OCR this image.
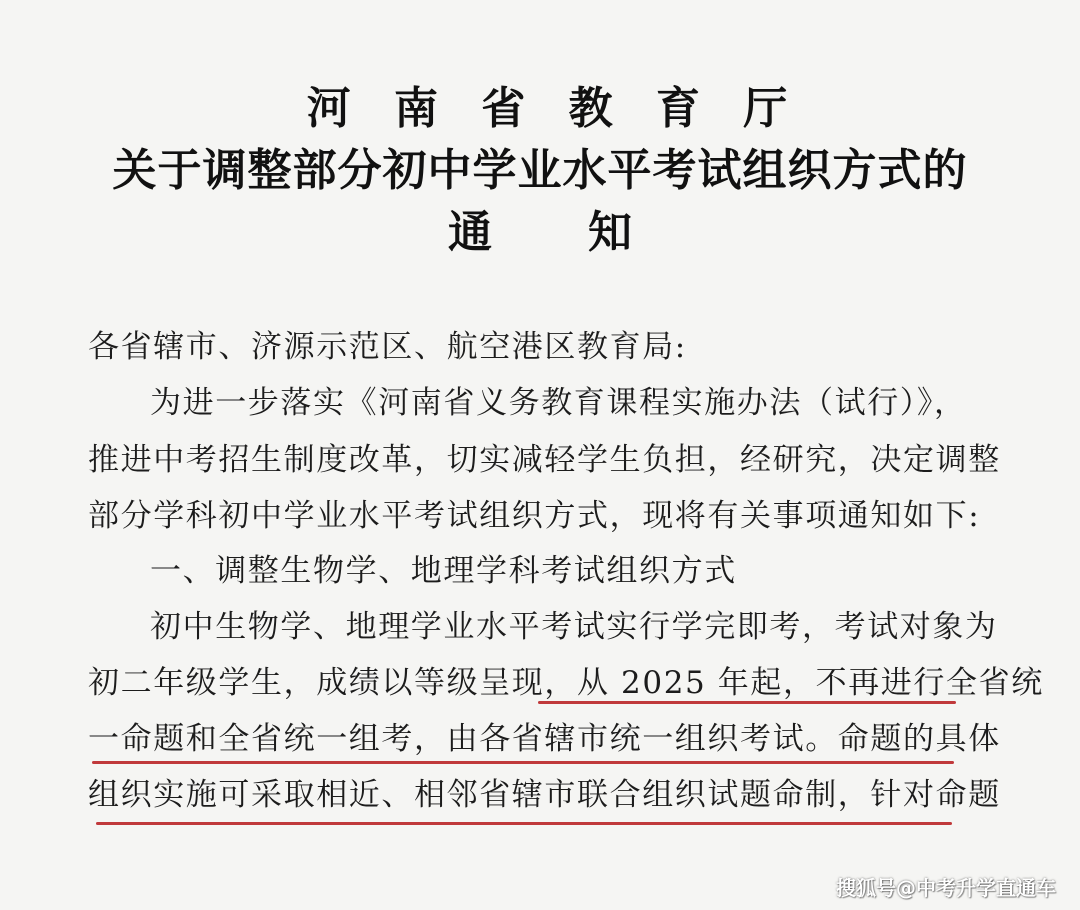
河 南 省 教 育 厅
关于调整部分初中学业水平考试组织方式的
通 知
各省辖市、济源示范区、航空港区教育局:
为进一步落实《河南省义务教育课程实施办法（试行）》，
推进中考招生制度改革，切实减轻学生负担，经研究，决定调整
部分学科初中学业水平考试组织方式，现将有关事项通知如下:
一、调整生物学、地理学科考试组织方式
初中生物学、地理学业水平考试实行学完即考，考试对象为
初二年级学生，成绩以等级呈现，从 2025 年起，不再进行全省统
一命题和全省统一组考，由各省辖市统一组织考试。命题的具体
组织实施可采取相近、相邻省辖市联合组织试题命制，针对命题
搜狐号@中考升学直通车
